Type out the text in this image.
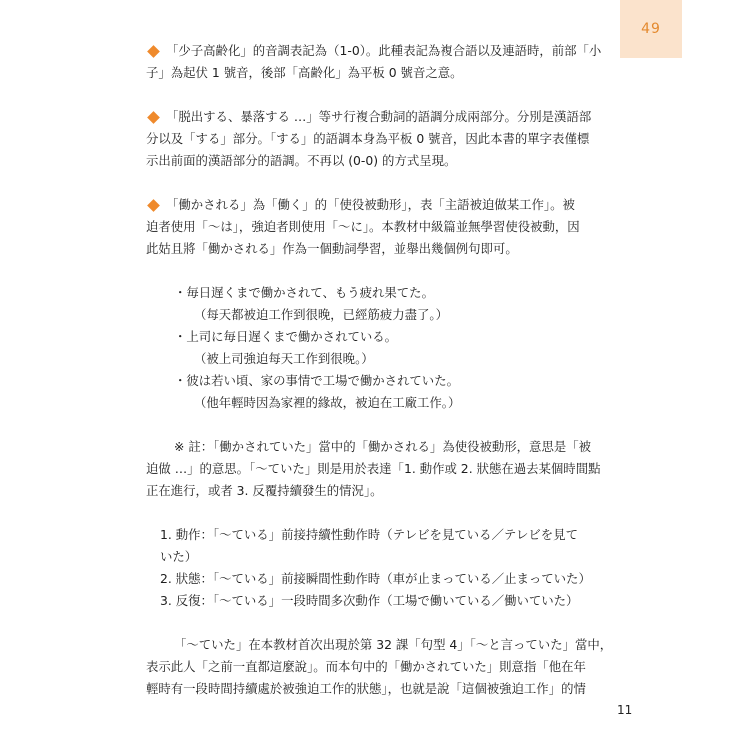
49

「少子高齢化」的音調表記為（1-0）。此種表記為複合語以及連語時，前部「小

子」為起伏 1 號音，後部「高齢化」為平板 0 號音之意。

「脱出する、暴落する …」等サ行複合動詞的語調分成兩部分。分別是漢語部

分以及「する」部分。「する」的語調本身為平板 0 號音，因此本書的單字表僅標

示出前面的漢語部分的語調。不再以 (0-0) 的方式呈現。

「働かされる」為「働く」的「使役被動形」，表「主語被迫做某工作」。被

迫者使用「〜は」，強迫者則使用「〜に」。本教材中級篇並無學習使役被動，因

此姑且將「働かされる」作為一個動詞學習，並舉出幾個例句即可。

・毎日遅くまで働かされて、もう疲れ果てた。

（每天都被迫工作到很晚，已經筋疲力盡了。）

・上司に毎日遅くまで働かされている。

（被上司強迫每天工作到很晚。）

・彼は若い頃、家の事情で工場で働かされていた。

（他年輕時因為家裡的緣故，被迫在工廠工作。）

※ 註：「働かされていた」當中的「働かされる」為使役被動形，意思是「被

迫做 …」的意思。「〜ていた」則是用於表達「1. 動作或 2. 狀態在過去某個時間點

正在進行，或者 3. 反覆持續發生的情況」。

1. 動作：「〜ている」前接持續性動作時（テレビを見ている／テレビを見て

いた）

2. 狀態：「〜ている」前接瞬間性動作時（車が止まっている／止まっていた）

3. 反復：「〜ている」一段時間多次動作（工場で働いている／働いていた）

「〜ていた」在本教材首次出現於第 32 課「句型 4」「〜と言っていた」當中，

表示此人「之前一直都這麼說」。而本句中的「働かされていた」則意指「他在年

輕時有一段時間持續處於被強迫工作的狀態」，也就是說「這個被強迫工作」的情

11
